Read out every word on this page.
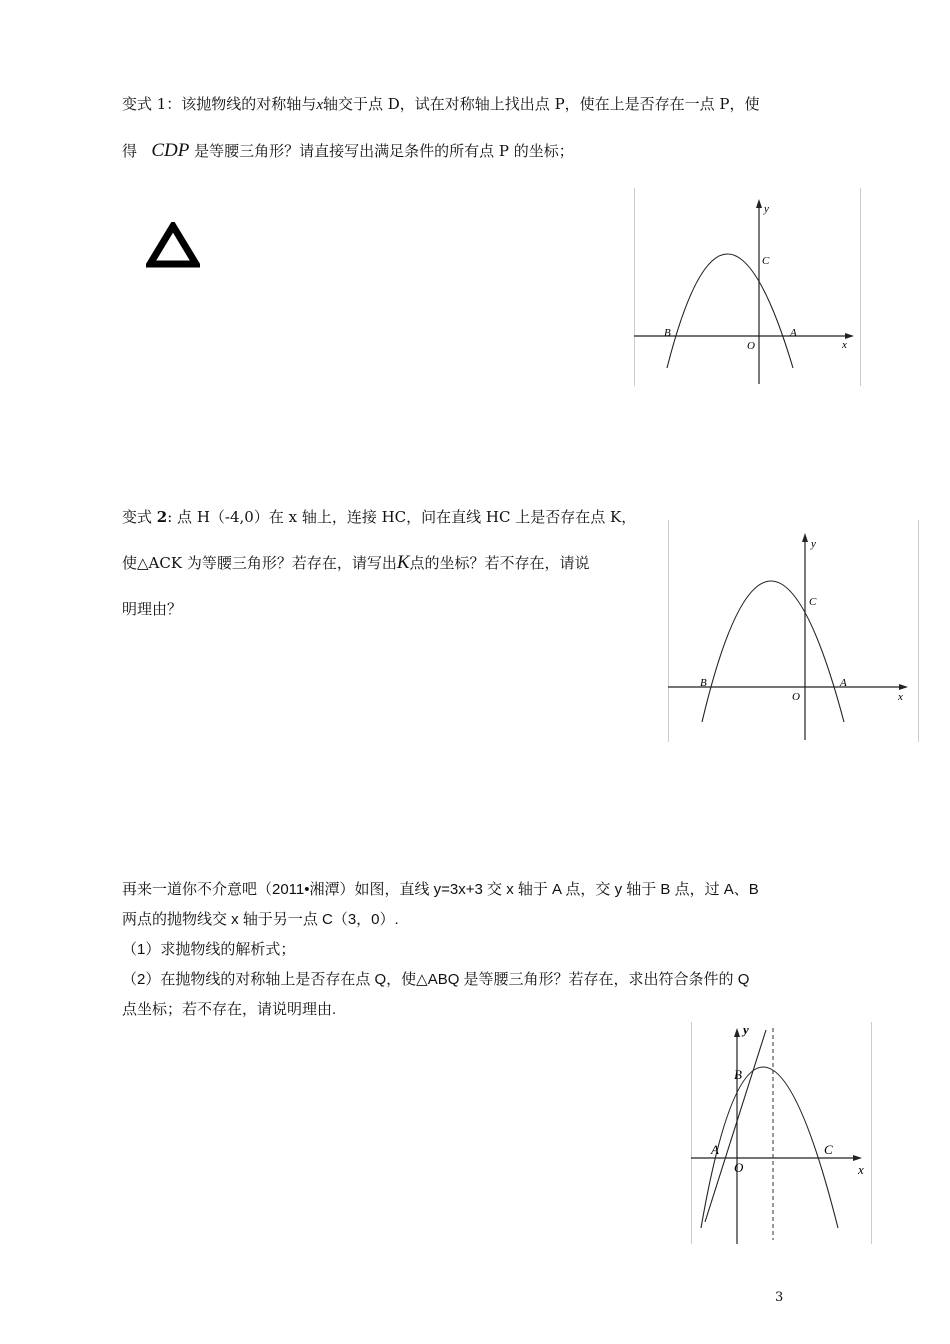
变式 1：该抛物线的对称轴与x轴交于点 D，试在对称轴上找出点 P，使在上是否存在一点 P，使
得 CDP 是等腰三角形？请直接写出满足条件的所有点 P 的坐标；
y
x
C
B	A
O
变式 2: 点 H（-4,0）在 x 轴上，连接 HC，问在直线 HC 上是否存在点 K，
使△ACK 为等腰三角形？若存在，请写出K点的坐标？若不存在，请说
明理由？
y
x
C
B	A
O
再来一道你不介意吧（2011•湘潭）如图，直线 y=3x+3 交 x 轴于 A 点，交 y 轴于 B 点，过 A、B
两点的抛物线交 x 轴于另一点 C（3，0）.
（1）求抛物线的解析式；
（2）在抛物线的对称轴上是否存在点 Q，使△ABQ 是等腰三角形？若存在，求出符合条件的 Q
点坐标；若不存在，请说明理由.
y
x
B
A	C
O
3
